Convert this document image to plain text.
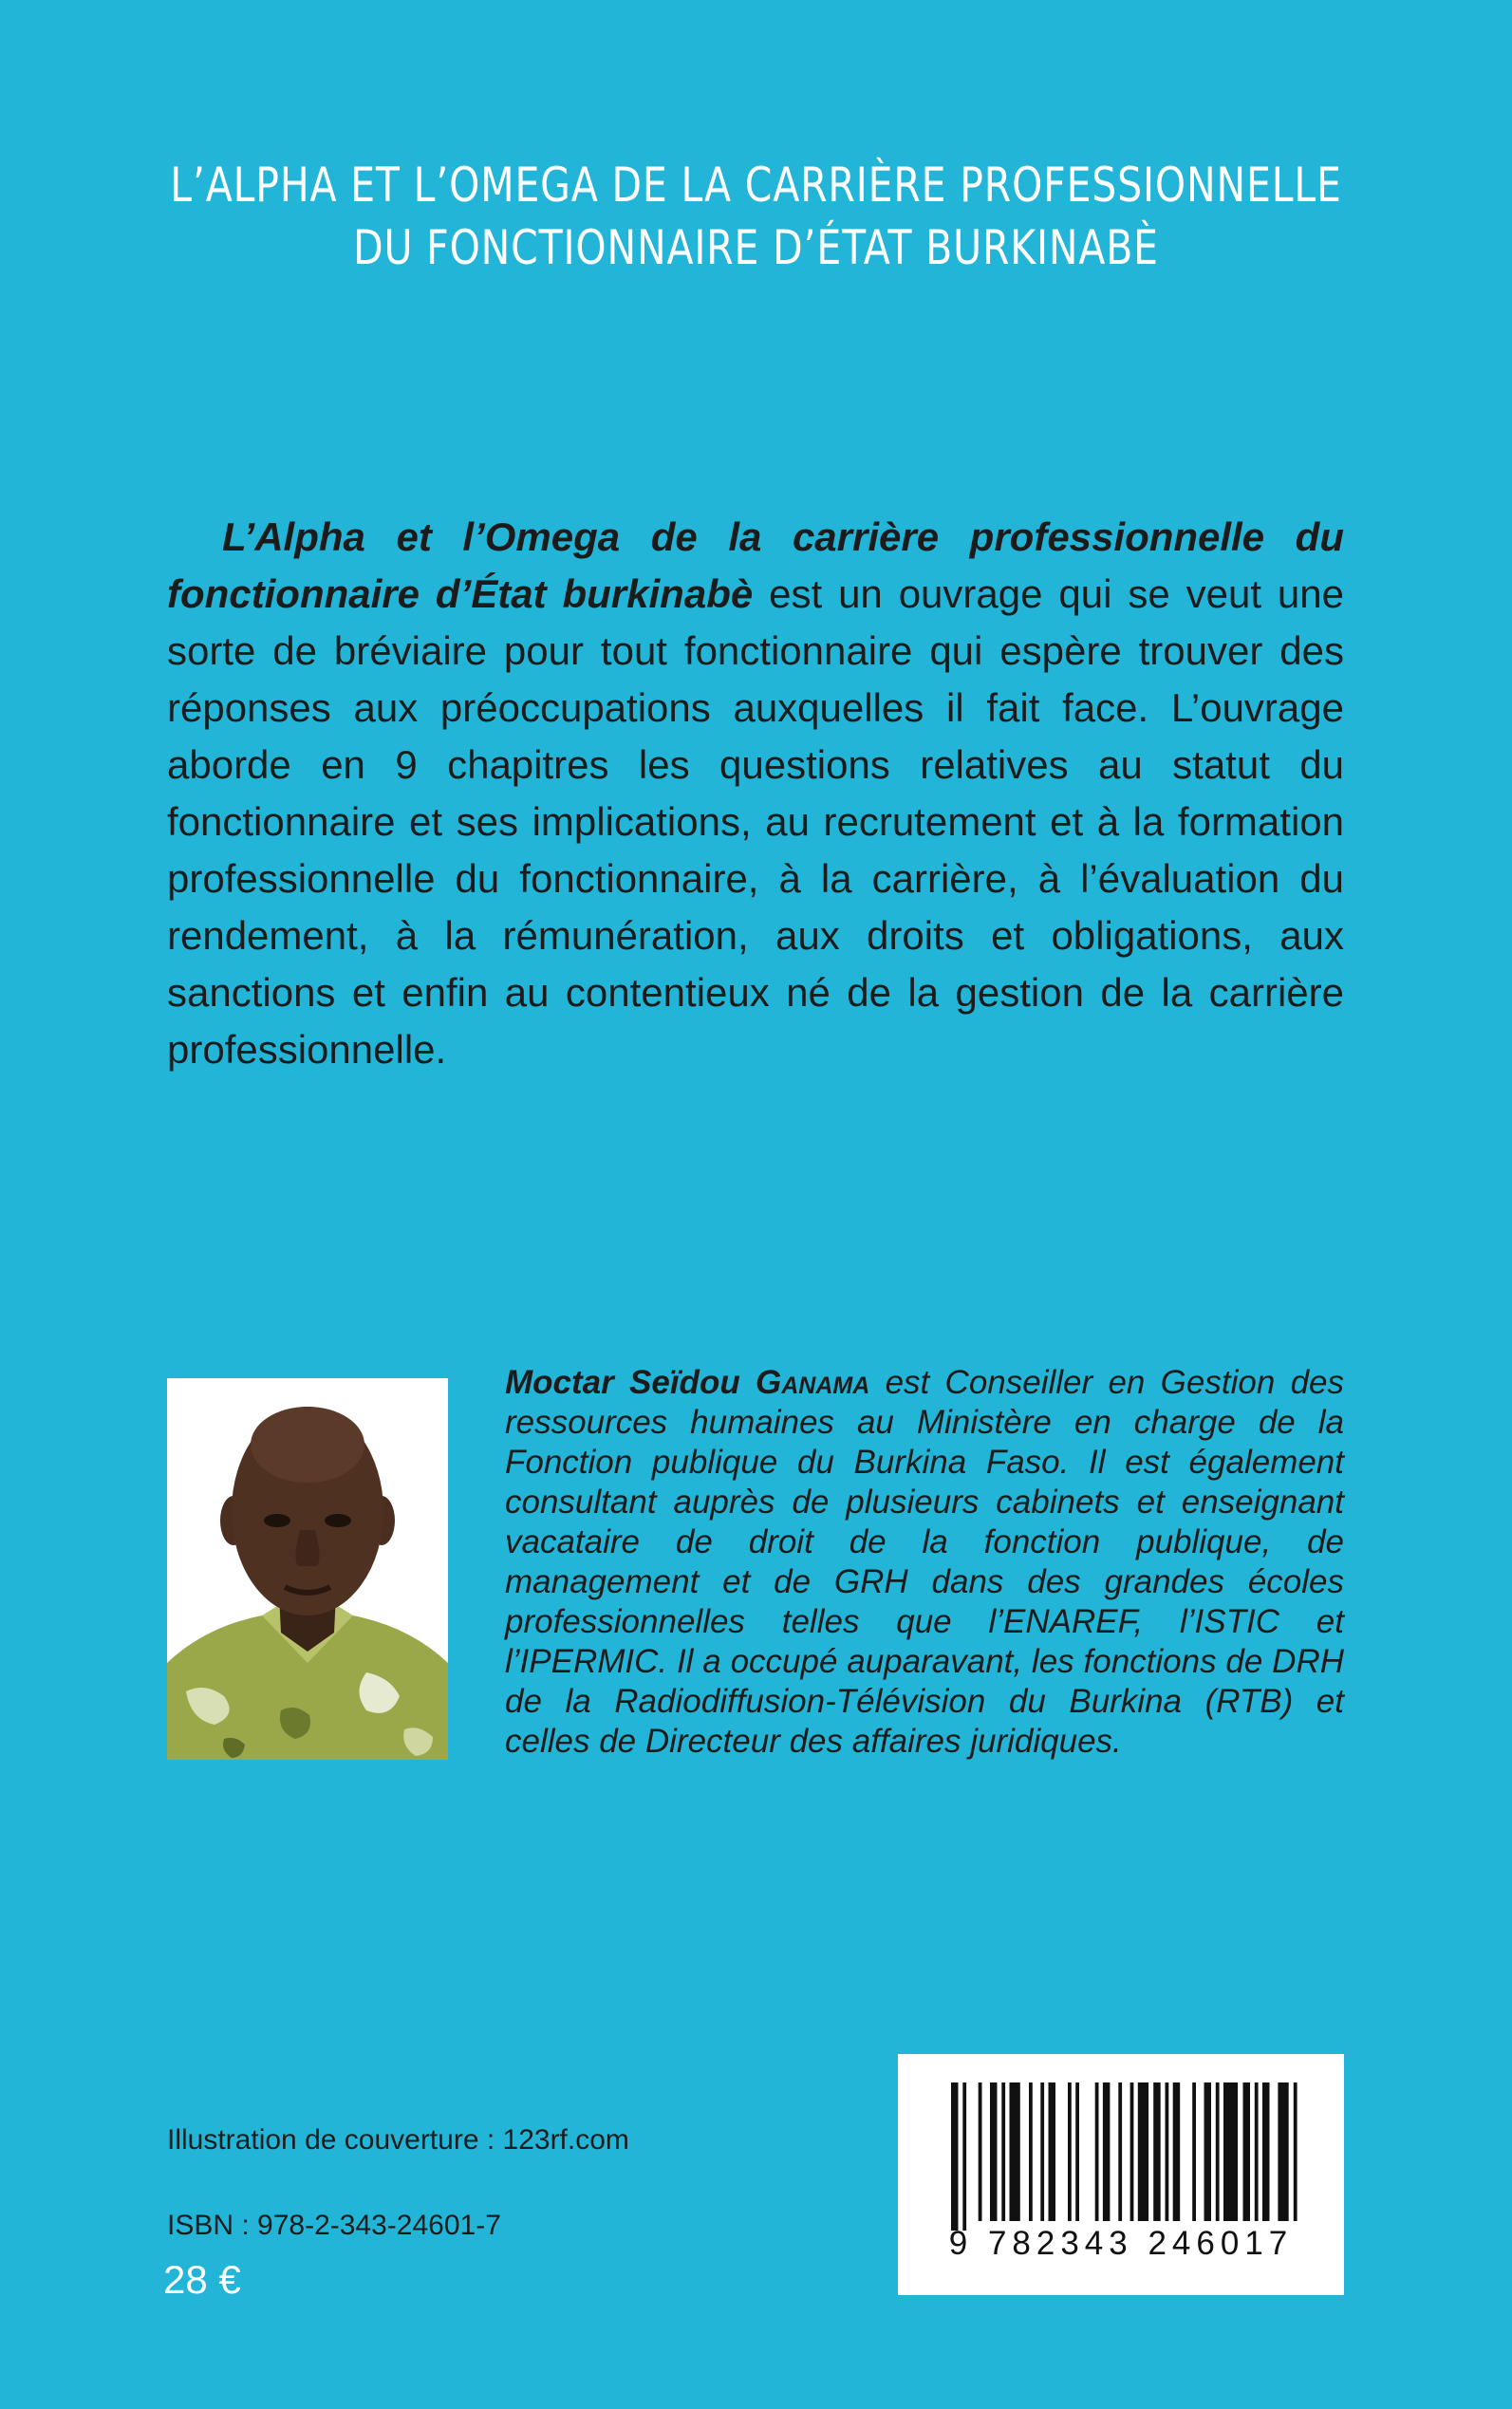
L’ALPHA ET L’OMEGA DE LA CARRIÈRE PROFESSIONNELLE
DU FONCTIONNAIRE D’ÉTAT BURKINABÈ

L’Alpha et l’Omega de la carrière professionnelle du fonctionnaire d’État burkinabè est un ouvrage qui se veut une sorte de bréviaire pour tout fonctionnaire qui espère trouver des réponses aux préoccupations auxquelles il fait face. L’ouvrage aborde en 9 chapitres les questions relatives au statut du fonctionnaire et ses implications, au recrutement et à la formation professionnelle du fonctionnaire, à la carrière, à l’évaluation du rendement, à la rémunération, aux droits et obligations, aux sanctions et enfin au contentieux né de la gestion de la carrière professionnelle.

Moctar Seïdou Ganama est Conseiller en Gestion des ressources humaines au Ministère en charge de la Fonction publique du Burkina Faso. Il est également consultant auprès de plusieurs cabinets et enseignant vacataire de droit de la fonction publique, de management et de GRH dans des grandes écoles professionnelles telles que l’ENAREF, l’ISTIC et l’IPERMIC. Il a occupé auparavant, les fonctions de DRH de la Radiodiffusion-Télévision du Burkina (RTB) et celles de Directeur des affaires juridiques.

Illustration de couverture : 123rf.com
ISBN : 978-2-343-24601-7
28 €
9 782343 246017
